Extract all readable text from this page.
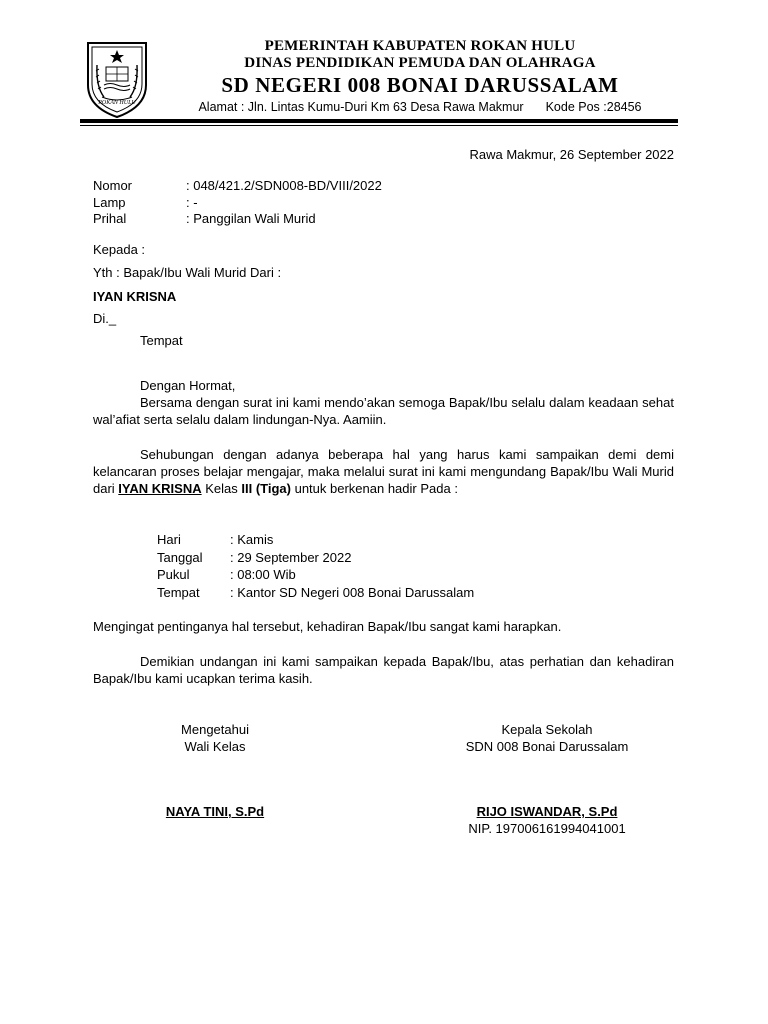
ROKAN HULU
PEMERINTAH KABUPATEN ROKAN HULU
DINAS PENDIDIKAN PEMUDA DAN OLAHRAGA
SD NEGERI 008 BONAI DARUSSALAM
Alamat : Jln. Lintas Kumu-Duri Km 63 Desa Rawa Makmur Kode Pos :28456
Rawa Makmur, 26 September 2022
Nomor	: 048/421.2/SDN008-BD/VIII/2022
Lamp	: -
Prihal	: Panggilan Wali Murid
Kepada :
Yth : Bapak/Ibu Wali Murid Dari :
IYAN KRISNA
Di._
Tempat
Dengan Hormat,
Bersama dengan surat ini kami mendo’akan semoga Bapak/Ibu selalu dalam keadaan sehat wal’afiat serta selalu dalam lindungan-Nya. Aamiin.
Sehubungan dengan adanya beberapa hal yang harus kami sampaikan demi demi kelancaran proses belajar mengajar, maka melalui surat ini kami mengundang Bapak/Ibu Wali Murid dari IYAN KRISNA Kelas III (Tiga) untuk berkenan hadir Pada :
Hari	: Kamis
Tanggal : 29 September 2022
Pukul	: 08:00 Wib
Tempat : Kantor SD Negeri 008 Bonai Darussalam
Mengingat pentinganya hal tersebut, kehadiran Bapak/Ibu sangat kami harapkan.
Demikian undangan ini kami sampaikan kepada Bapak/Ibu, atas perhatian dan kehadiran Bapak/Ibu kami ucapkan terima kasih.
Mengetahui
Wali Kelas
NAYA TINI, S.Pd
Kepala Sekolah
SDN 008 Bonai Darussalam
RIJO ISWANDAR, S.Pd
NIP. 197006161994041001
